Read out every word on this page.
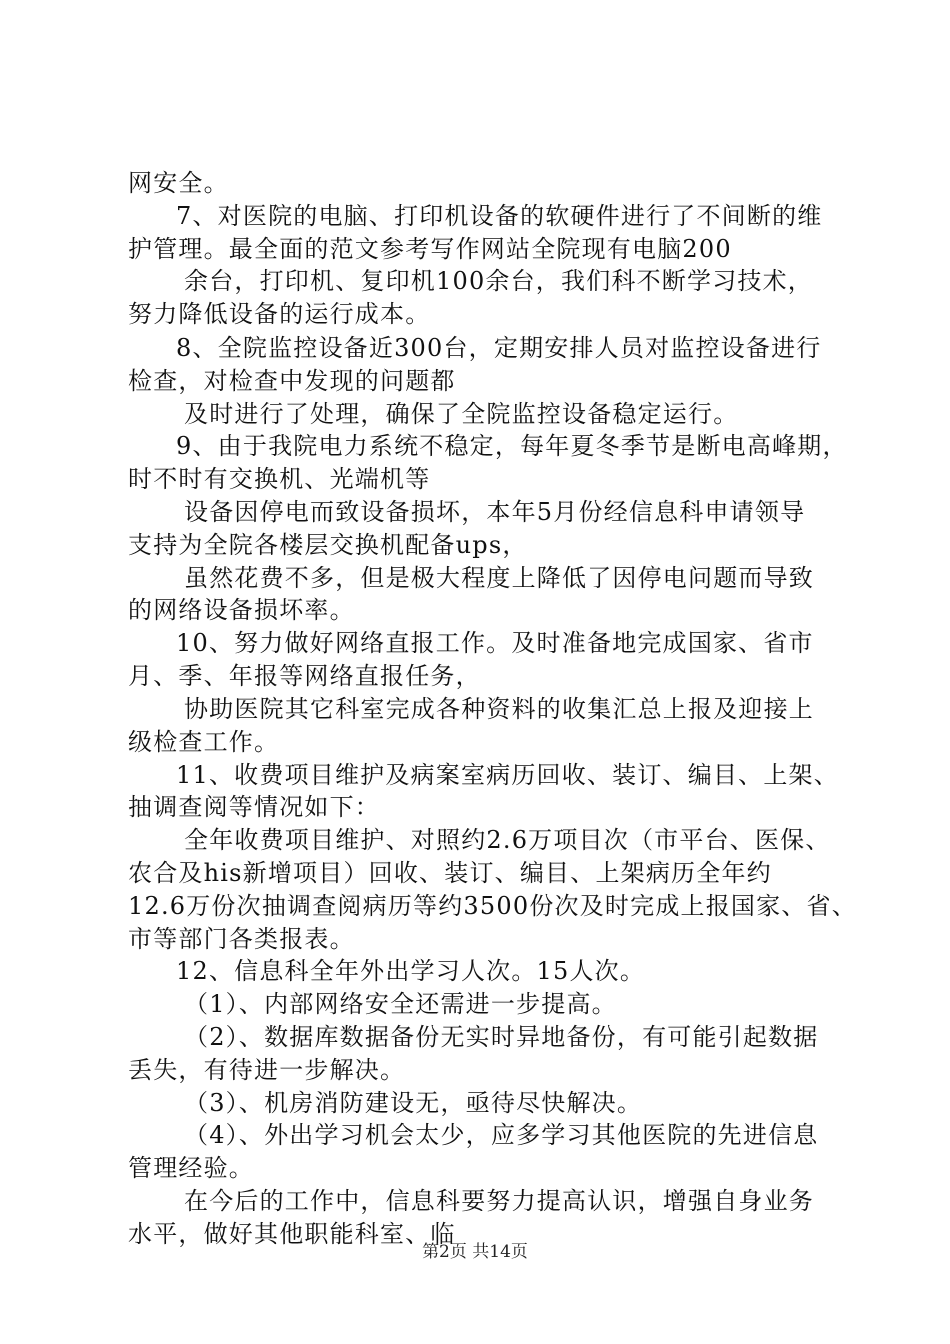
网安全。
7、对医院的电脑、打印机设备的软硬件进行了不间断的维
护管理。最全面的范文参考写作网站全院现有电脑200
余台，打印机、复印机100余台，我们科不断学习技术，
努力降低设备的运行成本。
8、全院监控设备近300台，定期安排人员对监控设备进行
检查，对检查中发现的问题都
及时进行了处理，确保了全院监控设备稳定运行。
9、由于我院电力系统不稳定，每年夏冬季节是断电高峰期，
时不时有交换机、光端机等
设备因停电而致设备损坏，本年5月份经信息科申请领导
支持为全院各楼层交换机配备ups，
虽然花费不多，但是极大程度上降低了因停电问题而导致
的网络设备损坏率。
10、努力做好网络直报工作。及时准备地完成国家、省市
月、季、年报等网络直报任务，
协助医院其它科室完成各种资料的收集汇总上报及迎接上
级检查工作。
11、收费项目维护及病案室病历回收、装订、编目、上架、
抽调查阅等情况如下：
全年收费项目维护、对照约2.6万项目次（市平台、医保、
农合及his新增项目）回收、装订、编目、上架病历全年约
12.6万份次抽调查阅病历等约3500份次及时完成上报国家、省、
市等部门各类报表。
12、信息科全年外出学习人次。15人次。
（1）、内部网络安全还需进一步提高。
（2）、数据库数据备份无实时异地备份，有可能引起数据
丢失，有待进一步解决。
（3）、机房消防建设无，亟待尽快解决。
（4）、外出学习机会太少，应多学习其他医院的先进信息
管理经验。
在今后的工作中，信息科要努力提高认识，增强自身业务
水平，做好其他职能科室、临
第2页 共14页
